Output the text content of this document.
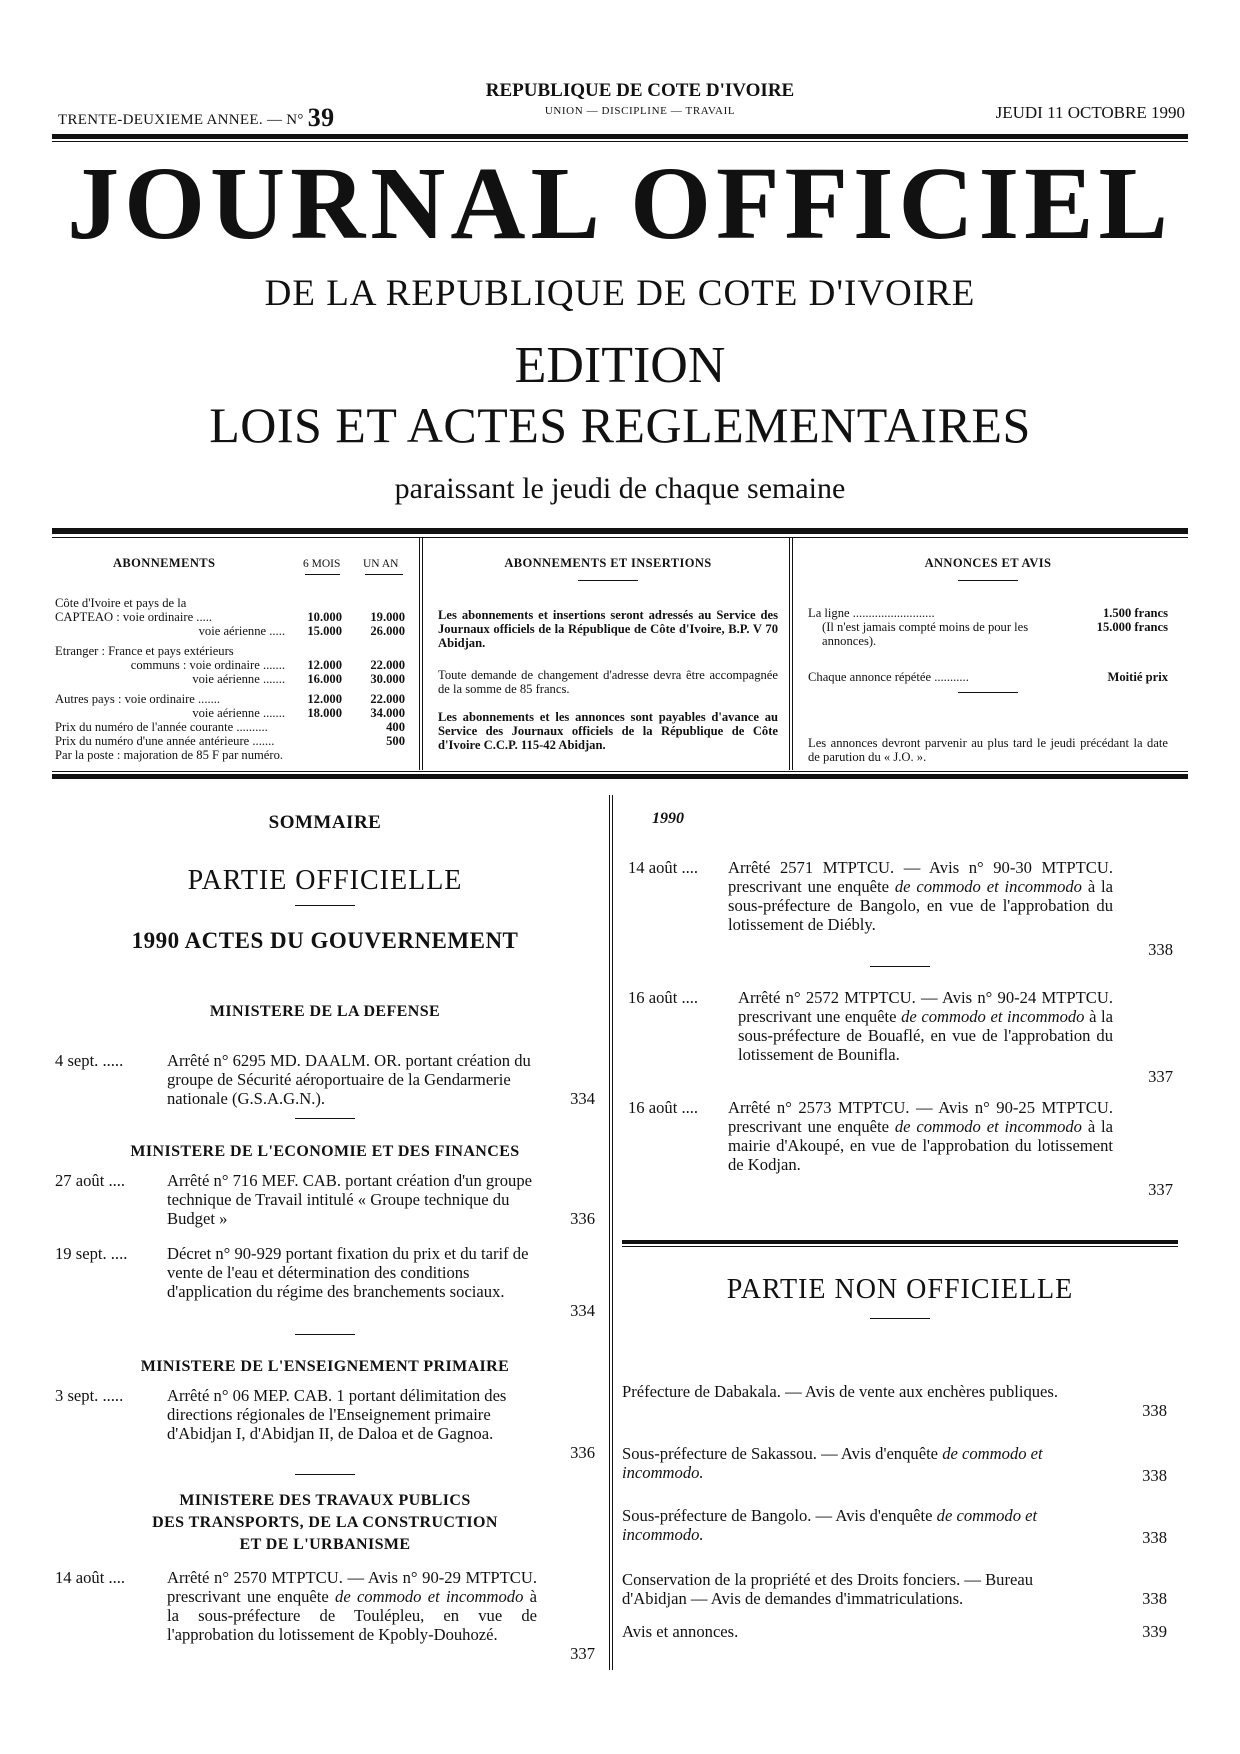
TRENTE-DEUXIEME ANNEE. — N° 39
REPUBLIQUE DE COTE D'IVOIRE
UNION — DISCIPLINE — TRAVAIL	JEUDI 11 OCTOBRE 1990
JOURNAL OFFICIEL
DE LA REPUBLIQUE DE COTE D'IVOIRE
EDITION
LOIS ET ACTES REGLEMENTAIRES
paraissant le jeudi de chaque semaine
ABONNEMENTS	6 MOIS	UN AN
Côte d'Ivoire et pays de la
CAPTEAO : voie ordinaire .....	10.000	19.000
voie aérienne .....	15.000	26.000
Etranger : France et pays extérieurs
communs : voie ordinaire .......	12.000	22.000
voie aérienne .......	16.000	30.000
Autres pays : voie ordinaire .......	12.000	22.000
voie aérienne .......	18.000	34.000
Prix du numéro de l'année courante ..........	400
Prix du numéro d'une année antérieure .......	500
Par la poste : majoration de 85 F par numéro.
ABONNEMENTS ET INSERTIONS
Les abonnements et insertions seront adressés au Service des Journaux officiels de la République de Côte d'Ivoire, B.P. V 70 Abidjan.
Toute demande de changement d'adresse devra être accompagnée de la somme de 85 francs.
Les abonnements et les annonces sont payables d'avance au Service des Journaux officiels de la République de Côte d'Ivoire C.C.P. 115-42 Abidjan.
ANNONCES ET AVIS
La ligne ..........................	1.500 francs
(Il n'est jamais compté moins de pour les annonces).
15.000 francs
Chaque annonce répétée ...........	Moitié prix
Les annonces devront parvenir au plus tard le jeudi précédant la date de parution du « J.O. ».
SOMMAIRE
PARTIE OFFICIELLE
1990 ACTES DU GOUVERNEMENT
MINISTERE DE LA DEFENSE
4 sept. .....	Arrêté n° 6295 MD. DAALM. OR. portant création du groupe de Sécurité aéroportuaire de la Gendarmerie nationale (G.S.A.G.N.).	334
MINISTERE DE L'ECONOMIE ET DES FINANCES
27 août ....	Arrêté n° 716 MEF. CAB. portant création d'un groupe technique de Travail intitulé « Groupe technique du Budget »	336
19 sept. .... Décret n° 90-929 portant fixation du prix et du tarif de vente de l'eau et détermination des conditions d'application du régime des branchements sociaux.
334
MINISTERE DE L'ENSEIGNEMENT PRIMAIRE
3 sept. .....	Arrêté n° 06 MEP. CAB. 1 portant délimitation des directions régionales de l'Enseignement primaire d'Abidjan I, d'Abidjan II, de Daloa et de Gagnoa.
336
MINISTERE DES TRAVAUX PUBLICS
DES TRANSPORTS, DE LA CONSTRUCTION
ET DE L'URBANISME
14 août ....	Arrêté n° 2570 MTPTCU. — Avis n° 90-29 MTPTCU. prescrivant une enquête de commodo et incommodo à la sous-préfecture de Toulépleu, en vue de l'approbation du lotissement de Kpobly-Douhozé.
337
1990
14 août .... Arrêté 2571 MTPTCU. — Avis n° 90-30 MTPTCU. prescrivant une enquête de commodo et incommodo à la sous-préfecture de Bangolo, en vue de l'approbation du lotissement de Diébly.
338
16 août .... Arrêté n° 2572 MTPTCU. — Avis n° 90-24 MTPTCU. prescrivant une enquête de commodo et incommodo à la sous-préfecture de Bouaflé, en vue de l'approbation du lotissement de Bounifla.
337
16 août .... Arrêté n° 2573 MTPTCU. — Avis n° 90-25 MTPTCU. prescrivant une enquête de commodo et incommodo à la mairie d'Akoupé, en vue de l'approbation du lotissement de Kodjan.
337
PARTIE NON OFFICIELLE
Préfecture de Dabakala. — Avis de vente aux enchères publiques.
338
Sous-préfecture de Sakassou. — Avis d'enquête de commodo et incommodo.	338
Sous-préfecture de Bangolo. — Avis d'enquête de commodo et incommodo.	338
Conservation de la propriété et des Droits fonciers. — Bureau d'Abidjan — Avis de demandes d'immatriculations.	338
Avis et annonces.	339
